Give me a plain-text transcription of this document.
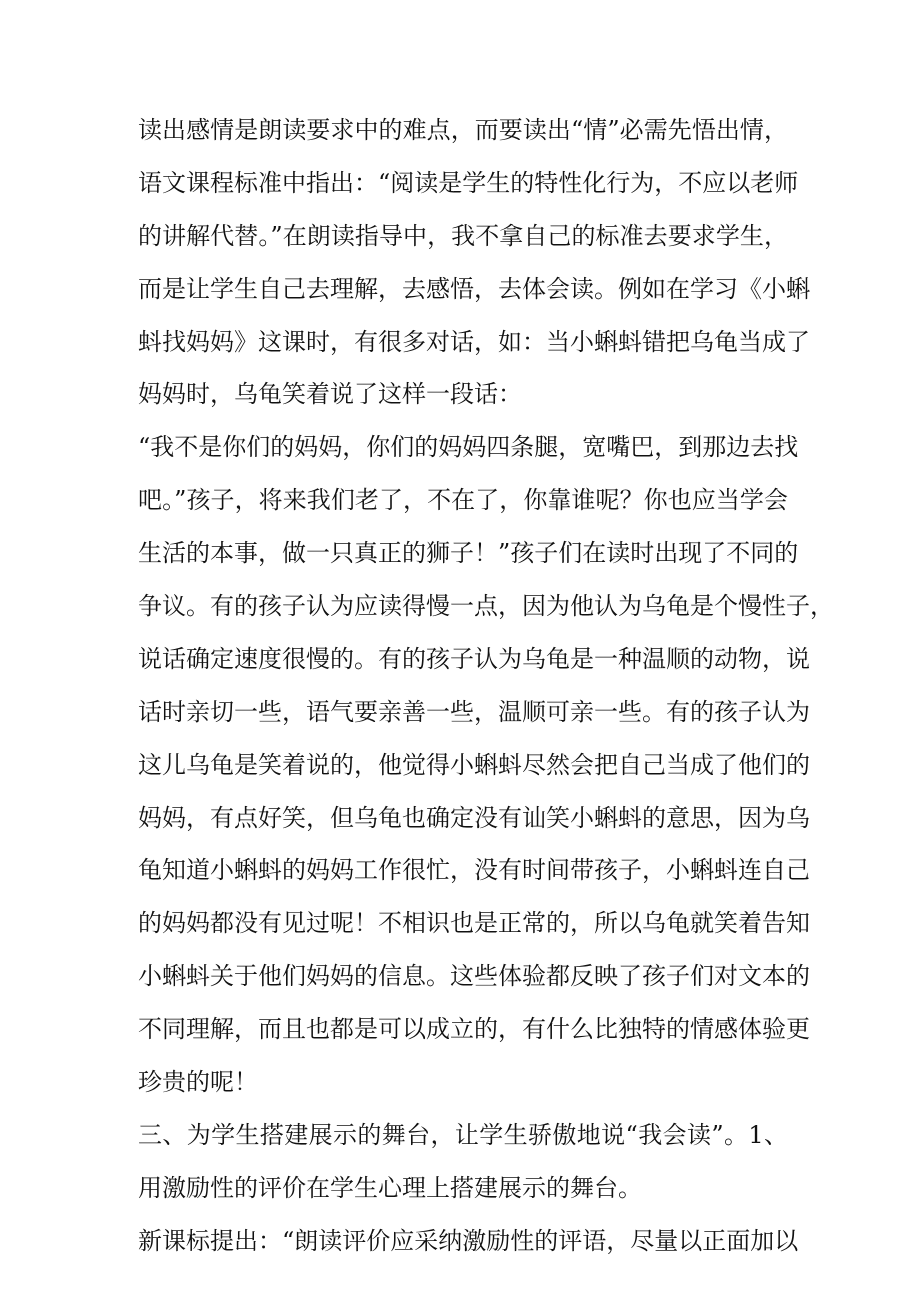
读出感情是朗读要求中的难点，而要读出“情”必需先悟出情，
语文课程标准中指出：“阅读是学生的特性化行为，不应以老师
的讲解代替。”在朗读指导中，我不拿自己的标准去要求学生，
而是让学生自己去理解，去感悟，去体会读。例如在学习《小蝌
蚪找妈妈》这课时，有很多对话，如：当小蝌蚪错把乌龟当成了
妈妈时，乌龟笑着说了这样一段话：
“我不是你们的妈妈，你们的妈妈四条腿，宽嘴巴，到那边去找
吧。”孩子，将来我们老了，不在了，你靠谁呢？你也应当学会
生活的本事，做一只真正的狮子！”孩子们在读时出现了不同的
争议。有的孩子认为应读得慢一点，因为他认为乌龟是个慢性子，
说话确定速度很慢的。有的孩子认为乌龟是一种温顺的动物，说
话时亲切一些，语气要亲善一些，温顺可亲一些。有的孩子认为
这儿乌龟是笑着说的，他觉得小蝌蚪尽然会把自己当成了他们的
妈妈，有点好笑，但乌龟也确定没有讪笑小蝌蚪的意思，因为乌
龟知道小蝌蚪的妈妈工作很忙，没有时间带孩子，小蝌蚪连自己
的妈妈都没有见过呢！不相识也是正常的，所以乌龟就笑着告知
小蝌蚪关于他们妈妈的信息。这些体验都反映了孩子们对文本的
不同理解，而且也都是可以成立的，有什么比独特的情感体验更
珍贵的呢！
三、为学生搭建展示的舞台，让学生骄傲地说“我会读”。1、
用激励性的评价在学生心理上搭建展示的舞台。
新课标提出：“朗读评价应采纳激励性的评语，尽量以正面加以
